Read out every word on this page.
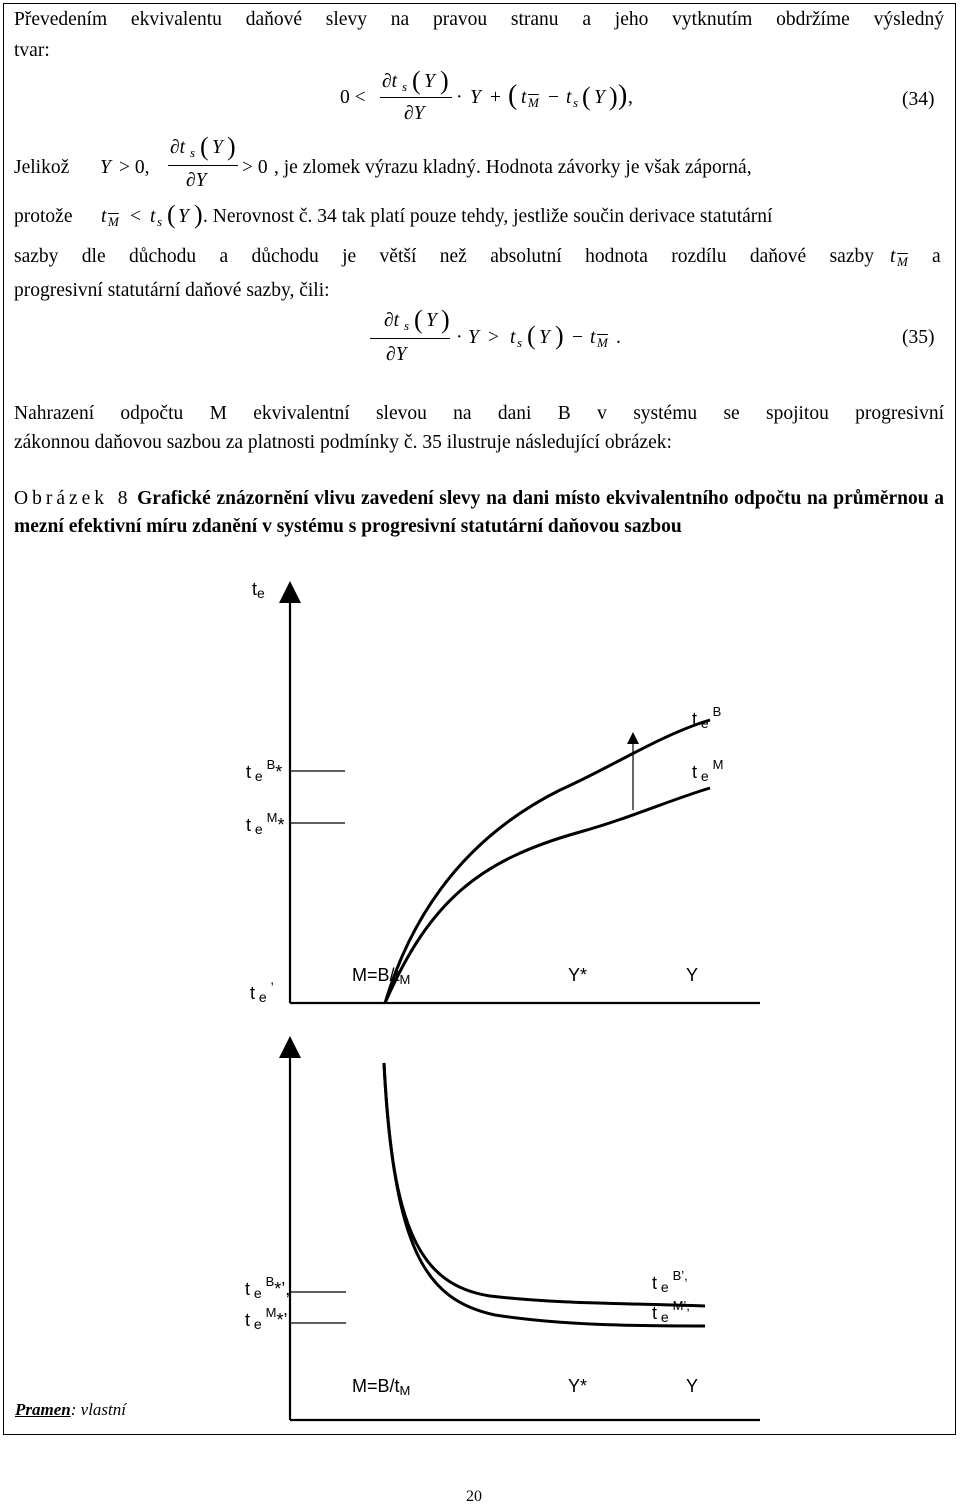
Převedením ekvivalentu daňové slevy na pravou stranu a jeho vytknutím obdržíme výsledný
tvar:
0 <
∂t s ( Y )
∂Y
· Y + ( t $\overline{M} - t$ s ( Y ) ) ,	(34)
Jelikož Y > 0,
∂t s ( Y )
∂Y
> 0 , je zlomek výrazu kladný. Hodnota závorky je však záporná,
protože t $\overline{M} < t$ s ( Y ) . Nerovnost č. 34 tak platí pouze tehdy, jestliže součin derivace statutární
sazby dle důchodu a důchodu je větší než absolutní hodnota rozdílu daňové sazby t $\overline{M}$ a
progresivní statutární daňové sazby, čili:
∂t s ( Y )
∂Y
· Y > t s ( Y ) − t $\overline{M}$ .	(35)
Nahrazení odpočtu M ekvivalentní slevou na dani B v systému se spojitou progresivní
zákonnou daňovou sazbou za platnosti podmínky č. 35 ilustruje následující obrázek:
Obrázek 8 Grafické znázornění vlivu zavedení slevy na dani místo ekvivalentního odpočtu na průměrnou a mezní efektivní míru zdanění v systému s progresivní statutární daňovou sazbou
te
t e $^B$*
t e $^M$*
t e $^B$
t e $^M$
t e ’
M=B/tM	Y*	Y
t e $^B$*’,
t e $^M$*’,
t e $^{B’,}$
t e $^{M’,}$
M=B/tM	Y*	Y
Pramen: vlastní
20
